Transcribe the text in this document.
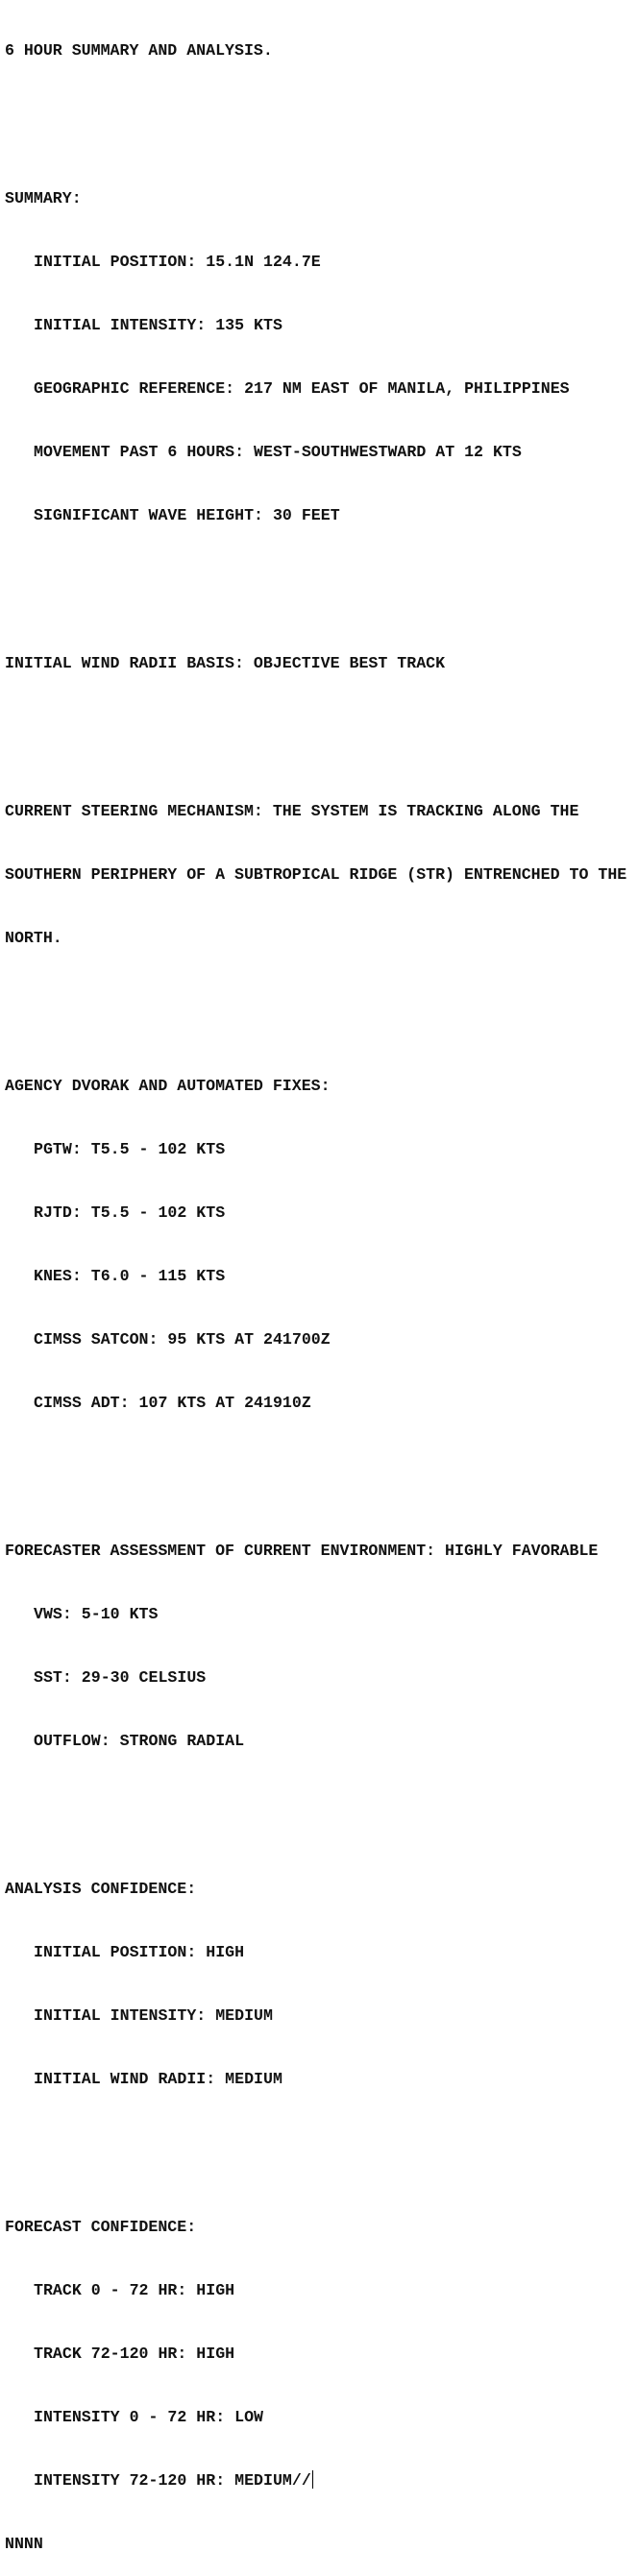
6 HOUR SUMMARY AND ANALYSIS.

SUMMARY:

INITIAL POSITION: 15.1N 124.7E

INITIAL INTENSITY: 135 KTS

GEOGRAPHIC REFERENCE: 217 NM EAST OF MANILA, PHILIPPINES

MOVEMENT PAST 6 HOURS: WEST-SOUTHWESTWARD AT 12 KTS

SIGNIFICANT WAVE HEIGHT: 30 FEET

INITIAL WIND RADII BASIS: OBJECTIVE BEST TRACK

CURRENT STEERING MECHANISM: THE SYSTEM IS TRACKING ALONG THE

SOUTHERN PERIPHERY OF A SUBTROPICAL RIDGE (STR) ENTRENCHED TO THE

NORTH.

AGENCY DVORAK AND AUTOMATED FIXES:

PGTW: T5.5 - 102 KTS

RJTD: T5.5 - 102 KTS

KNES: T6.0 - 115 KTS

CIMSS SATCON: 95 KTS AT 241700Z

CIMSS ADT: 107 KTS AT 241910Z

FORECASTER ASSESSMENT OF CURRENT ENVIRONMENT: HIGHLY FAVORABLE

VWS: 5-10 KTS

SST: 29-30 CELSIUS

OUTFLOW: STRONG RADIAL

ANALYSIS CONFIDENCE:

INITIAL POSITION: HIGH

INITIAL INTENSITY: MEDIUM

INITIAL WIND RADII: MEDIUM

FORECAST CONFIDENCE:

TRACK 0 - 72 HR: HIGH

TRACK 72-120 HR: HIGH

INTENSITY 0 - 72 HR: LOW

INTENSITY 72-120 HR: MEDIUM//

NNNN
